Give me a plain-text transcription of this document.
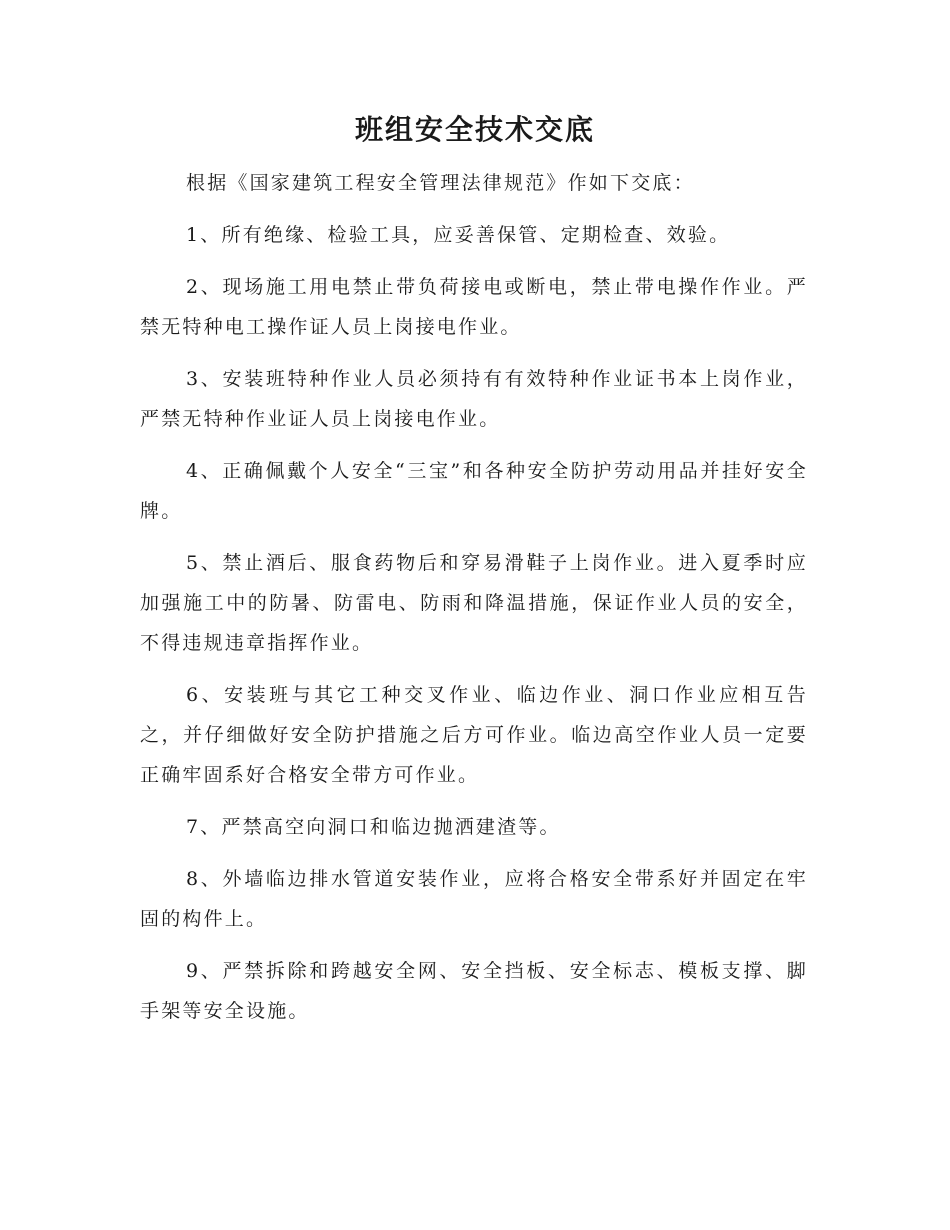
班组安全技术交底

根据《国家建筑工程安全管理法律规范》作如下交底：

1、所有绝缘、检验工具，应妥善保管、定期检查、效验。

2、现场施工用电禁止带负荷接电或断电，禁止带电操作作业。严禁无特种电工操作证人员上岗接电作业。

3、安装班特种作业人员必须持有有效特种作业证书本上岗作业，严禁无特种作业证人员上岗接电作业。

4、正确佩戴个人安全“三宝”和各种安全防护劳动用品并挂好安全牌。

5、禁止酒后、服食药物后和穿易滑鞋子上岗作业。进入夏季时应加强施工中的防暑、防雷电、防雨和降温措施，保证作业人员的安全，不得违规违章指挥作业。

6、安装班与其它工种交叉作业、临边作业、洞口作业应相互告之，并仔细做好安全防护措施之后方可作业。临边高空作业人员一定要正确牢固系好合格安全带方可作业。

7、严禁高空向洞口和临边抛洒建渣等。

8、外墙临边排水管道安装作业，应将合格安全带系好并固定在牢固的构件上。

9、严禁拆除和跨越安全网、安全挡板、安全标志、模板支撑、脚手架等安全设施。
